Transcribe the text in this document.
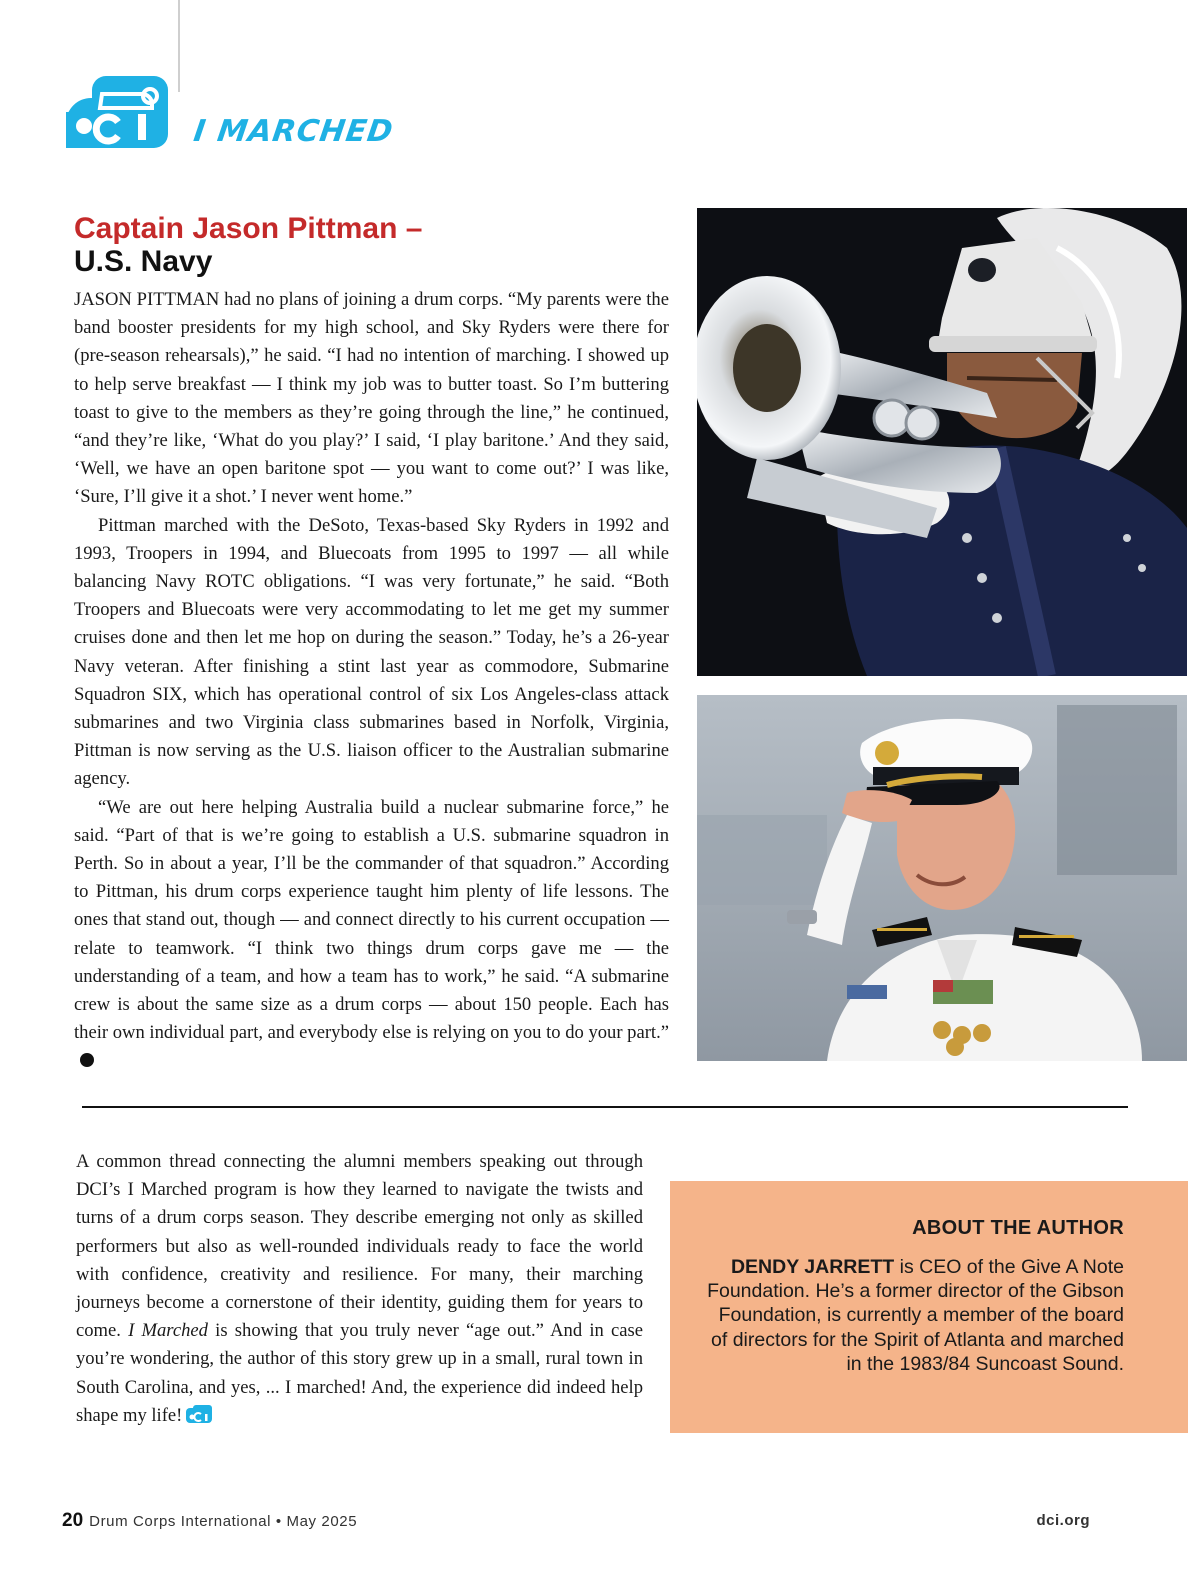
I MARCHED
Captain Jason Pittman –
U.S. Navy

JASON PITTMAN had no plans of joining a drum corps. “My parents were the band booster presidents for my high school, and Sky Ryders were there for (pre-season rehearsals),” he said. “I had no intention of marching. I showed up to help serve breakfast — I think my job was to butter toast. So I’m buttering toast to give to the members as they’re going through the line,” he continued, “and they’re like, ‘What do you play?’ I said, ‘I play baritone.’ And they said, ‘Well, we have an open baritone spot — you want to come out?’ I was like, ‘Sure, I’ll give it a shot.’ I never went home.”

Pittman marched with the DeSoto, Texas-based Sky Ryders in 1992 and 1993, Troopers in 1994, and Bluecoats from 1995 to 1997 — all while balancing Navy ROTC obligations. “I was very fortunate,” he said. “Both Troopers and Bluecoats were very accommodating to let me get my summer cruises done and then let me hop on during the season.” Today, he’s a 26-year Navy veteran. After finishing a stint last year as commodore, Submarine Squadron SIX, which has operational control of six Los Angeles-class attack submarines and two Virginia class submarines based in Norfolk, Virginia, Pittman is now serving as the U.S. liaison officer to the Australian submarine agency.

“We are out here helping Australia build a nuclear submarine force,” he said. “Part of that is we’re going to establish a U.S. submarine squadron in Perth. So in about a year, I’ll be the commander of that squadron.” According to Pittman, his drum corps experience taught him plenty of life lessons. The ones that stand out, though — and connect directly to his current occupation — relate to teamwork. “I think two things drum corps gave me — the understanding of a team, and how a team has to work,” he said. “A submarine crew is about the same size as a drum corps — about 150 people. Each has their own individual part, and everybody else is relying on you to do your part.”

A common thread connecting the alumni members speaking out through DCI’s I Marched program is how they learned to navigate the twists and turns of a drum corps season. They describe emerging not only as skilled performers but also as well-rounded individuals ready to face the world with confidence, creativity and resilience. For many, their marching journeys become a cornerstone of their identity, guiding them for years to come. I Marched is showing that you truly never “age out.” And in case you’re wondering, the author of this story grew up in a small, rural town in South Carolina, and yes, ... I marched! And, the experience did indeed help shape my life!
ABOUT THE AUTHOR
DENDY JARRETT is CEO of the Give A Note Foundation. He’s a former director of the Gibson Foundation, is currently a member of the board of directors for the Spirit of Atlanta and marched in the 1983/84 Suncoast Sound.
20 Drum Corps International • May 2025	dci.org
